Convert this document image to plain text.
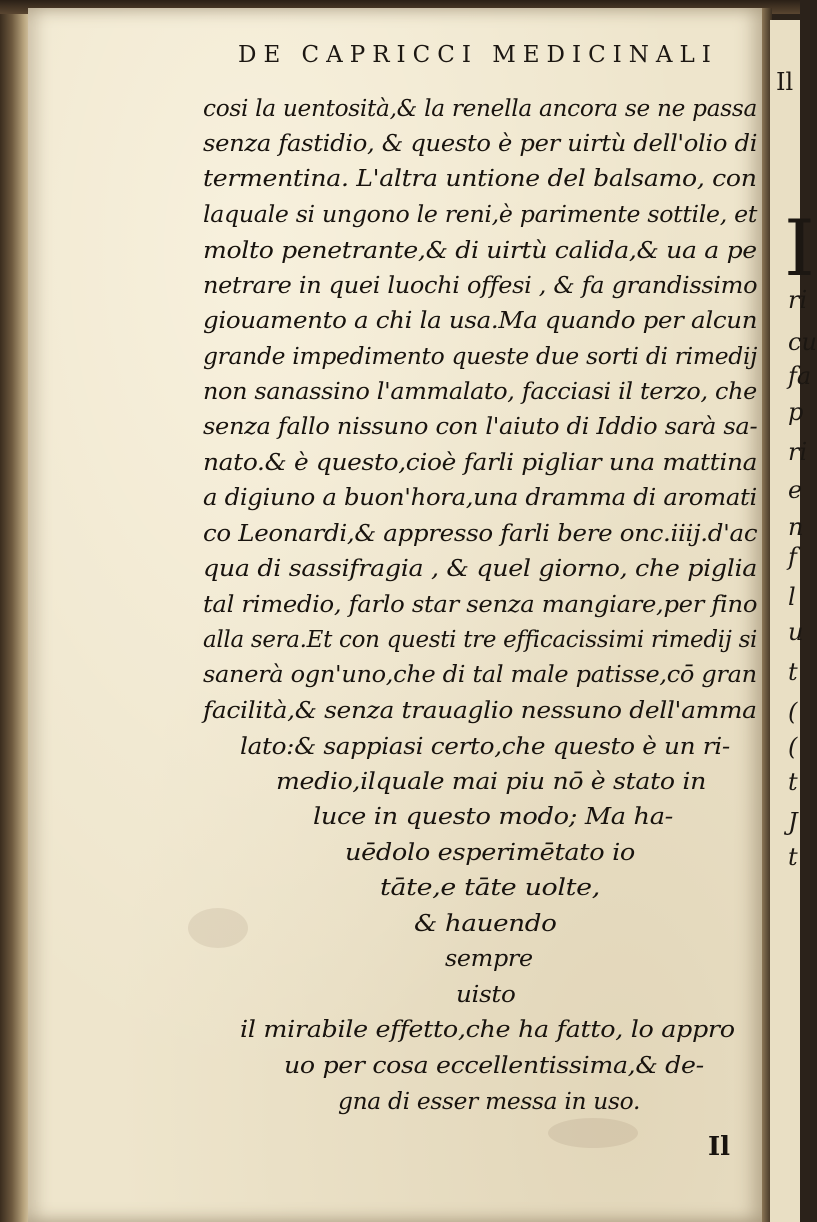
Il
I
ri
cu
fa
p
ri
e
n
f
l
u
t
(
(
t
J
t
DE CAPRICCI MEDICINALI
cosi la uentosità,& la renella ancora se ne passa
senza fastidio, & questo è per uirtù dell'olio di
termentina. L'altra untione del balsamo, con
laquale si ungono le reni,è parimente sottile, et
molto penetrante,& di uirtù calida,& ua a pe
netrare in quei luochi offesi , & fa grandissimo
giouamento a chi la usa.Ma quando per alcun
grande impedimento queste due sorti di rimedij
non sanassino l'ammalato, facciasi il terzo, che
senza fallo nissuno con l'aiuto di Iddio sarà sa-
nato.& è questo,cioè farli pigliar una mattina
a digiuno a buon'hora,una dramma di aromati
co Leonardi,& appresso farli bere onc.iiij.d'ac
qua di sassifragia , & quel giorno, che piglia
tal rimedio, farlo star senza mangiare,per fino
alla sera.Et con questi tre efficacissimi rimedij si
sanerà ogn'uno,che di tal male patisse,cō gran
facilità,& senza trauaglio nessuno dell'amma
lato:& sappiasi certo,che questo è un ri-
medio,ilquale mai piu nō è stato in
luce in questo modo; Ma ha-
uēdolo esperimētato io
tāte,e tāte uolte,
& hauendo
sempre
uisto
il mirabile effetto,che ha fatto, lo appro
uo per cosa eccellentissima,& de-
gna di esser messa in uso.
Il
